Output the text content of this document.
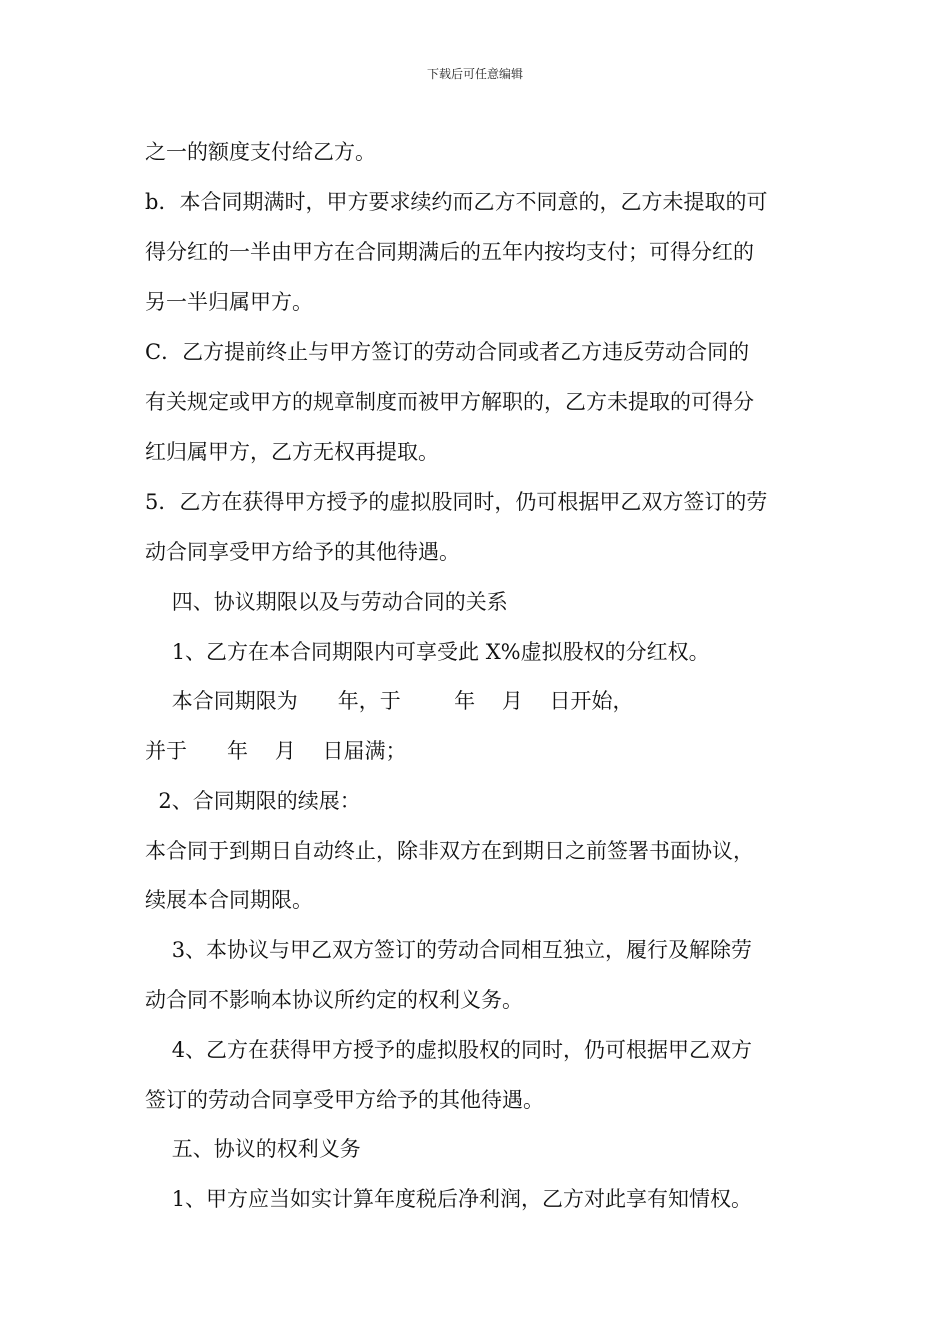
下载后可任意编辑
之一的额度支付给乙方。
b．本合同期满时，甲方要求续约而乙方不同意的，乙方未提取的可
得分红的一半由甲方在合同期满后的五年内按均支付；可得分红的
另一半归属甲方。
C．乙方提前终止与甲方签订的劳动合同或者乙方违反劳动合同的
有关规定或甲方的规章制度而被甲方解职的，乙方未提取的可得分
红归属甲方，乙方无权再提取。
5．乙方在获得甲方授予的虚拟股同时，仍可根据甲乙双方签订的劳
动合同享受甲方给予的其他待遇。
四、协议期限以及与劳动合同的关系
1、乙方在本合同期限内可享受此 X%虚拟股权的分红权。
本合同期限为      年，于        年    月    日开始，
并于      年    月    日届满；
2、合同期限的续展：
本合同于到期日自动终止，除非双方在到期日之前签署书面协议，
续展本合同期限。
3、本协议与甲乙双方签订的劳动合同相互独立，履行及解除劳
动合同不影响本协议所约定的权利义务。
4、乙方在获得甲方授予的虚拟股权的同时，仍可根据甲乙双方
签订的劳动合同享受甲方给予的其他待遇。
五、协议的权利义务
1、甲方应当如实计算年度税后净利润，乙方对此享有知情权。
